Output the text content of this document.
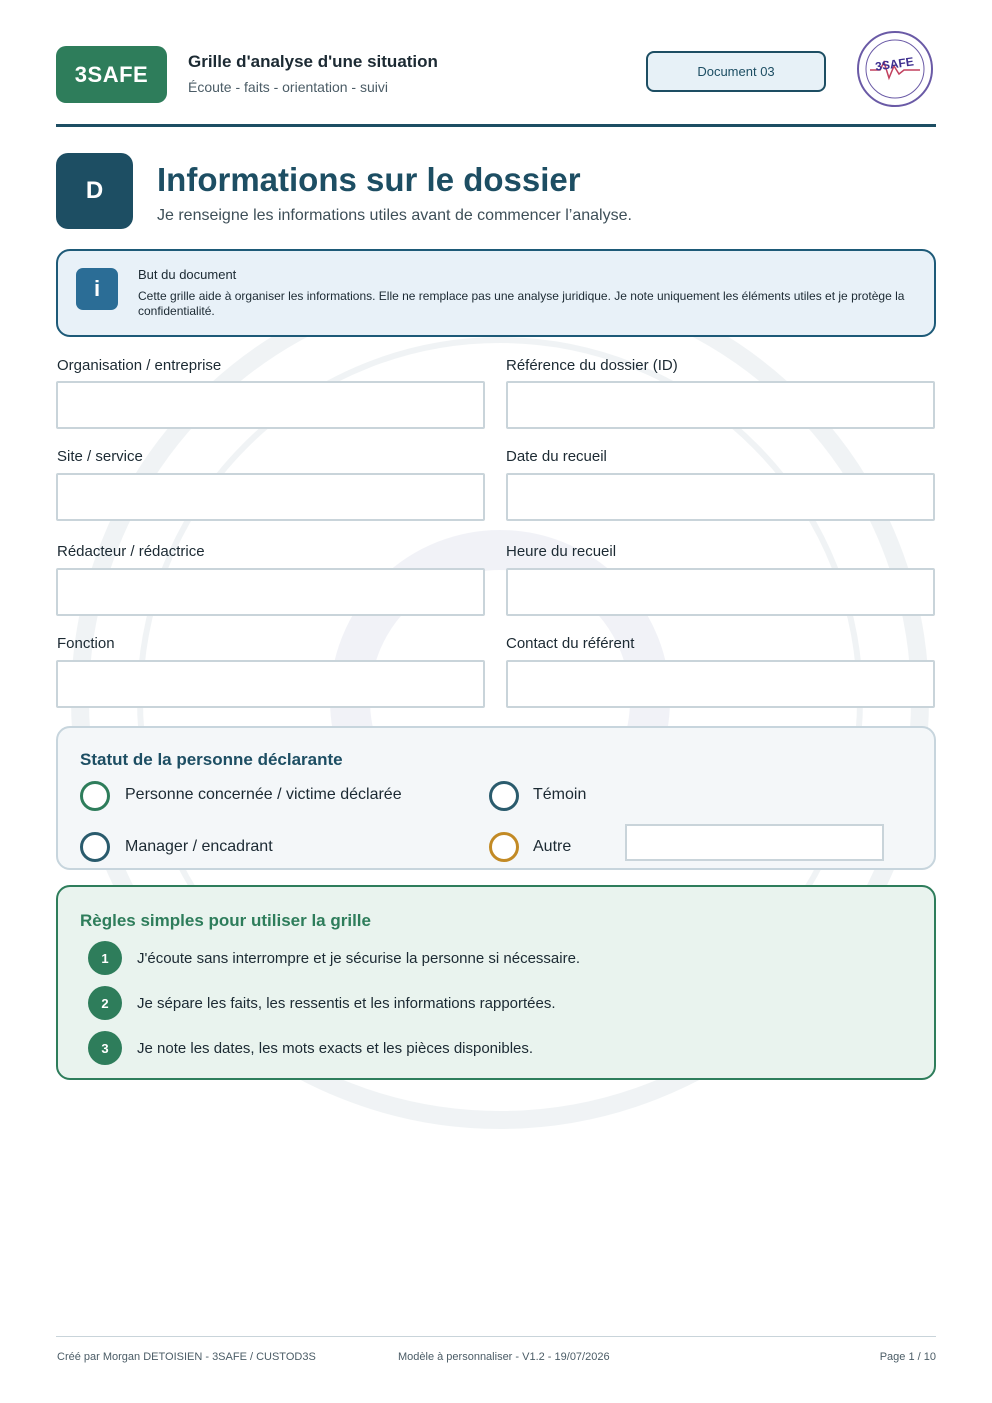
3SAFE	Grille d'analyse d'une situation
Écoute - faits - orientation - suivi
Document 03	3SAFE
D	Informations sur le dossier
Je renseigne les informations utiles avant de commencer l’analyse.
i
But du document
Cette grille aide à organiser les informations. Elle ne remplace pas une analyse juridique. Je note uniquement les éléments utiles et je protège la confidentialité.
Organisation / entreprise	Référence du dossier (ID)
Site / service	Date du recueil
Rédacteur / rédactrice	Heure du recueil
Fonction	Contact du référent
Statut de la personne déclarante
Personne concernée / victime déclarée	Témoin
Manager / encadrant	Autre
Règles simples pour utiliser la grille
1	J'écoute sans interrompre et je sécurise la personne si nécessaire.
2	Je sépare les faits, les ressentis et les informations rapportées.
3	Je note les dates, les mots exacts et les pièces disponibles.
Créé par Morgan DETOISIEN - 3SAFE / CUSTOD3S	Modèle à personnaliser - V1.2 - 19/07/2026	Page 1 / 10
